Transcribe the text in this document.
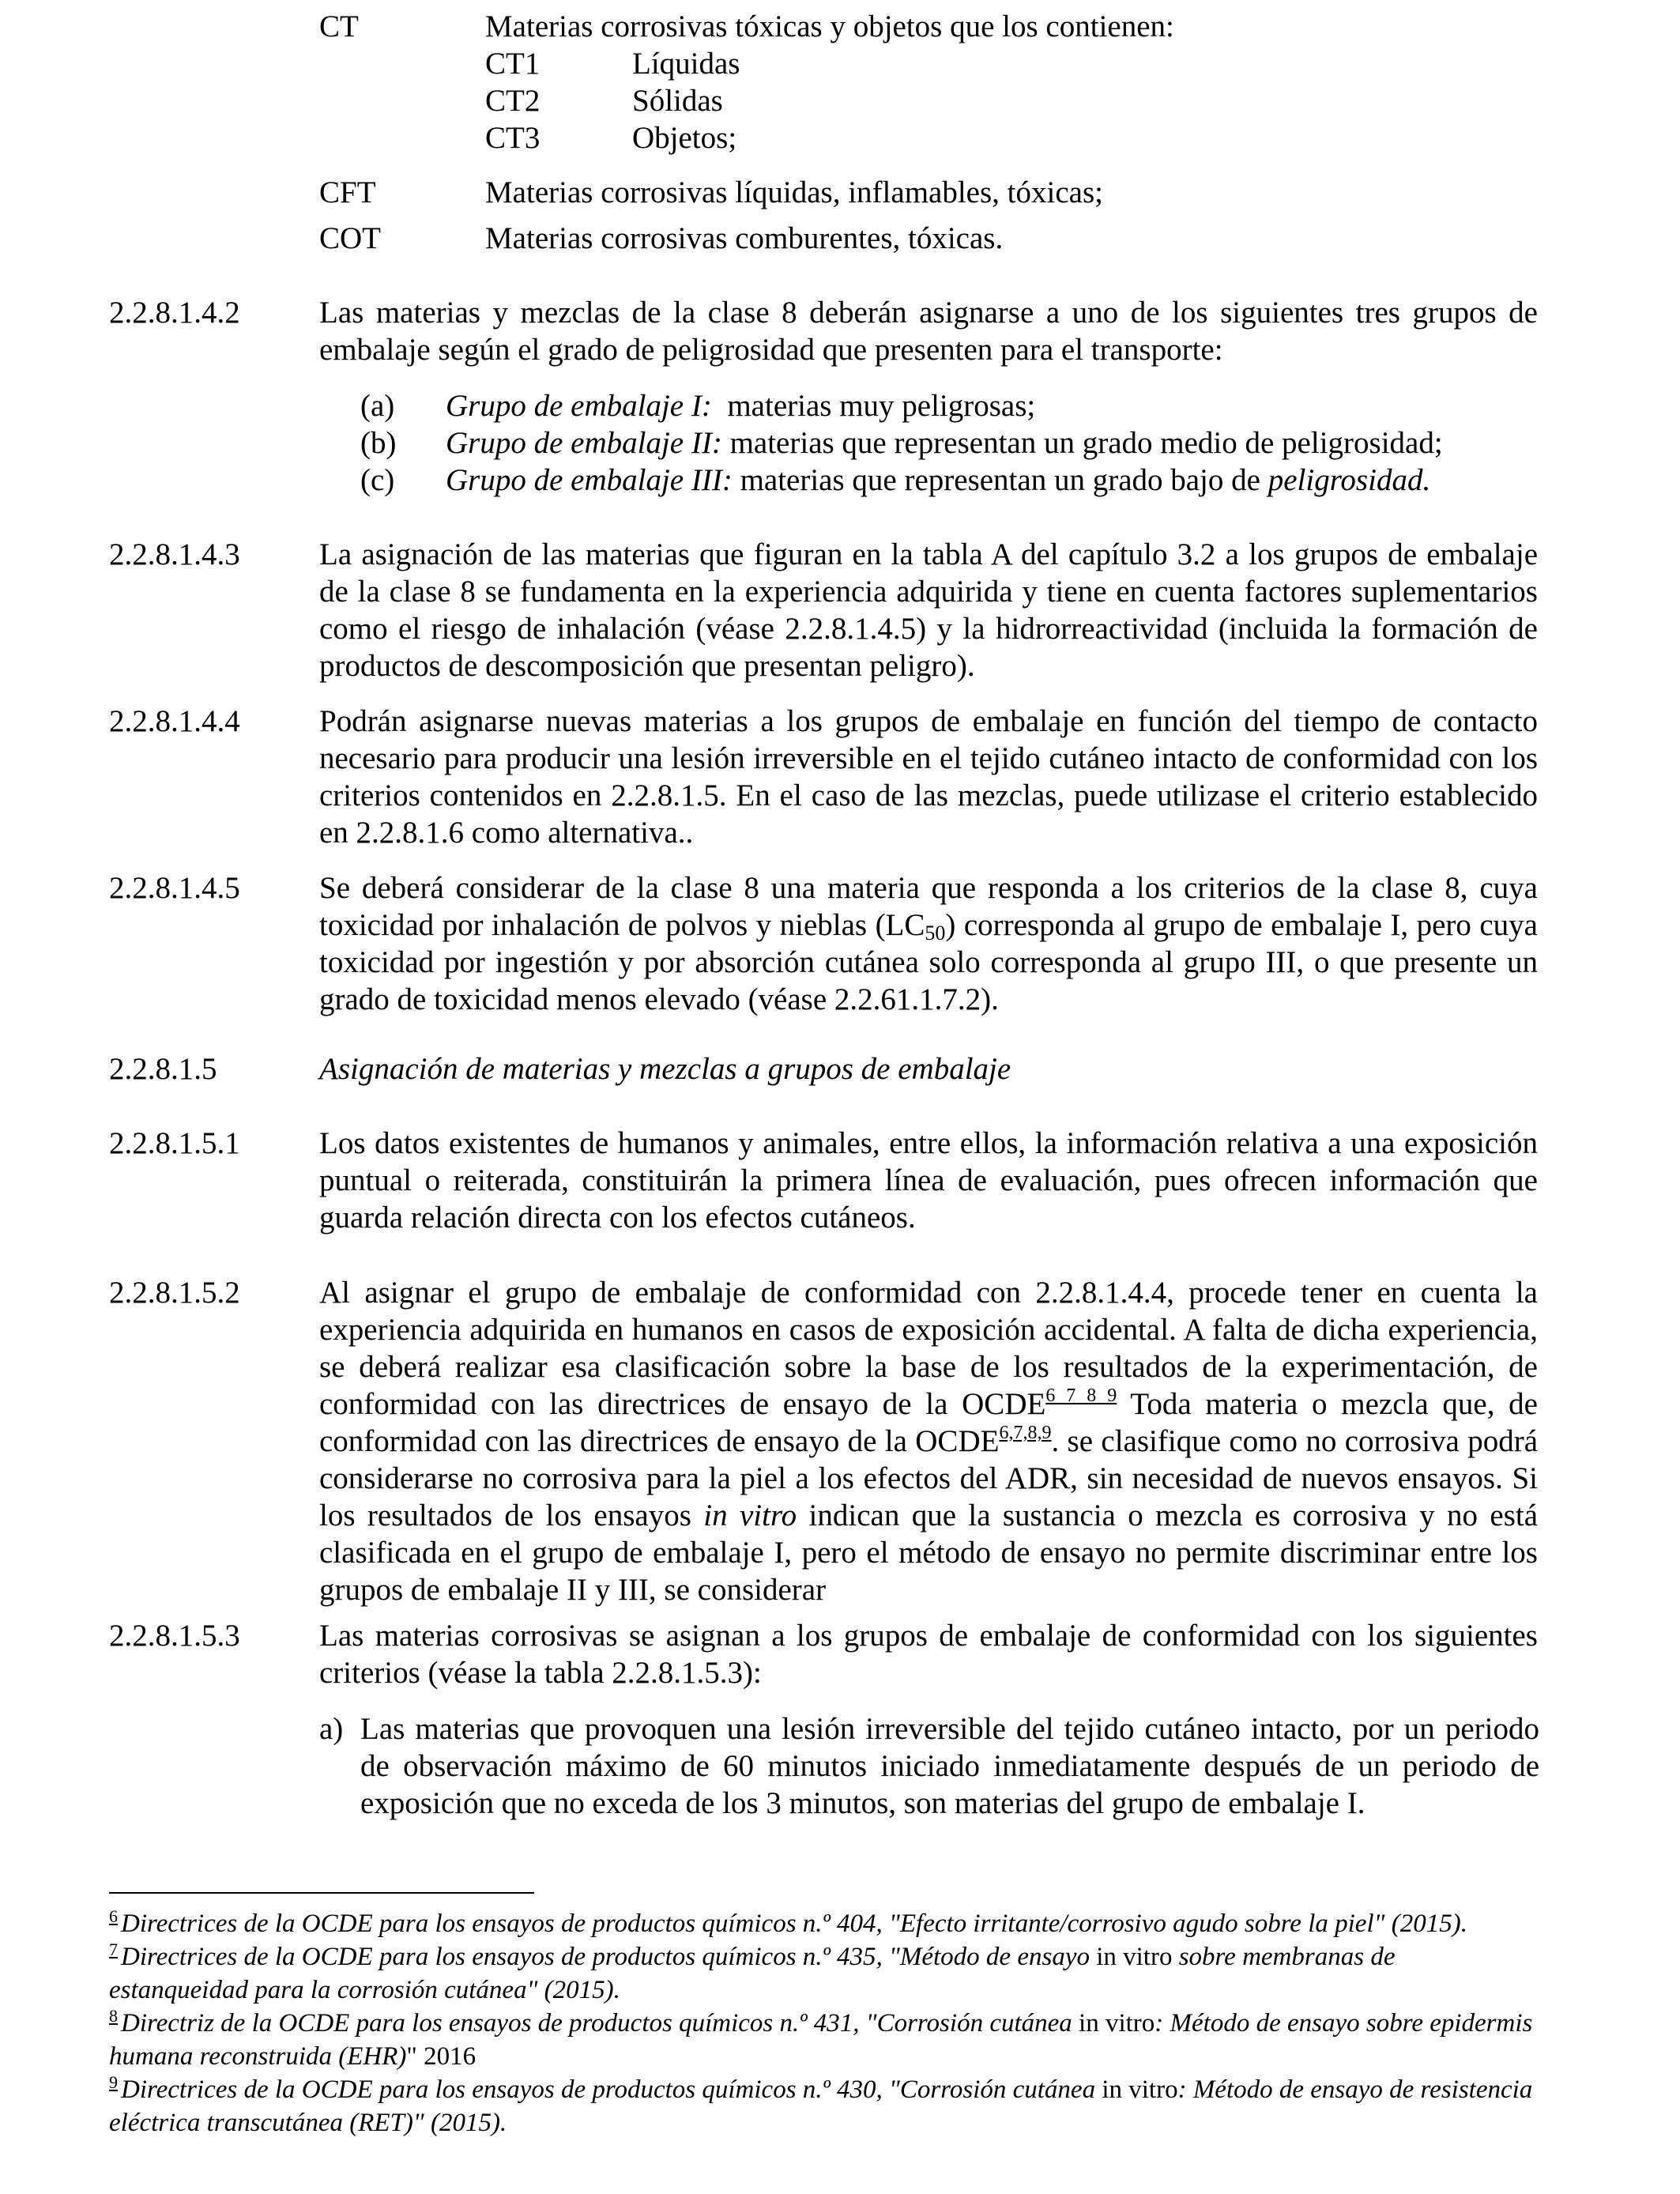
CT	Materias corrosivas tóxicas y objetos que los contienen:
CT1	Líquidas
CT2	Sólidas
CT3	Objetos;
CFT	Materias corrosivas líquidas, inflamables, tóxicas;
COT	Materias corrosivas comburentes, tóxicas.
2.2.8.1.4.2	Las materias y mezclas de la clase 8 deberán asignarse a uno de los siguientes tres grupos de embalaje según el grado de peligrosidad que presenten para el transporte:
(a) Grupo de embalaje I:  materias muy peligrosas;
(b) Grupo de embalaje II: materias que representan un grado medio de peligrosidad;
(c) Grupo de embalaje III: materias que representan un grado bajo de peligrosidad.
2.2.8.1.4.3	La asignación de las materias que figuran en la tabla A del capítulo 3.2 a los grupos de embalaje de la clase 8 se fundamenta en la experiencia adquirida y tiene en cuenta factores suplementarios como el riesgo de inhalación (véase 2.2.8.1.4.5) y la hidrorreactividad (incluida la formación de productos de descomposición que presentan peligro).
2.2.8.1.4.4	Podrán asignarse nuevas materias a los grupos de embalaje en función del tiempo de contacto necesario para producir una lesión irreversible en el tejido cutáneo intacto de conformidad con los criterios contenidos en 2.2.8.1.5. En el caso de las mezclas, puede utilizase el criterio establecido en 2.2.8.1.6 como alternativa..
2.2.8.1.4.5	Se deberá considerar de la clase 8 una materia que responda a los criterios de la clase 8, cuya toxicidad por inhalación de polvos y nieblas $(LC_{50})$ corresponda al grupo de embalaje I, pero cuya toxicidad por ingestión y por absorción cutánea solo corresponda al grupo III, o que presente un grado de toxicidad menos elevado (véase 2.2.61.1.7.2).
2.2.8.1.5	Asignación de materias y mezclas a grupos de embalaje
2.2.8.1.5.1	Los datos existentes de humanos y animales, entre ellos, la información relativa a una exposición puntual o reiterada, constituirán la primera línea de evaluación, pues ofrecen información que guarda relación directa con los efectos cutáneos.
2.2.8.1.5.2	Al asignar el grupo de embalaje de conformidad con 2.2.8.1.4.4, procede tener en cuenta la experiencia adquirida en humanos en casos de exposición accidental. A falta de dicha experiencia, se deberá realizar esa clasificación sobre la base de los resultados de la experimentación, de conformidad con las directrices de ensayo de la OCDE$^{6 7 8 9}$ Toda materia o mezcla que, de conformidad con las directrices de ensayo de la OCDE$^{6,7,8,9}$. se clasifique como no corrosiva podrá considerarse no corrosiva para la piel a los efectos del ADR, sin necesidad de nuevos ensayos. Si los resultados de los ensayos in vitro indican que la sustancia o mezcla es corrosiva y no está clasificada en el grupo de embalaje I, pero el método de ensayo no permite discriminar entre los grupos de embalaje II y III, se considerar
2.2.8.1.5.3	Las materias corrosivas se asignan a los grupos de embalaje de conformidad con los siguientes criterios (véase la tabla 2.2.8.1.5.3):
a) Las materias que provoquen una lesión irreversible del tejido cutáneo intacto, por un periodo de observación máximo de 60 minutos iniciado inmediatamente después de un periodo de exposición que no exceda de los 3 minutos, son materias del grupo de embalaje I.

$^6$ Directrices de la OCDE para los ensayos de productos químicos n.º 404, "Efecto irritante/corrosivo agudo sobre la piel" (2015).

$^7$ Directrices de la OCDE para los ensayos de productos químicos n.º 435, "Método de ensayo in vitro sobre membranas de estanqueidad para la corrosión cutánea" (2015).

$^8$ Directriz de la OCDE para los ensayos de productos químicos n.º 431, "Corrosión cutánea in vitro: Método de ensayo sobre epidermis humana reconstruida (EHR)" 2016

$^9$ Directrices de la OCDE para los ensayos de productos químicos n.º 430, "Corrosión cutánea in vitro: Método de ensayo de resistencia eléctrica transcutánea (RET)" (2015).
